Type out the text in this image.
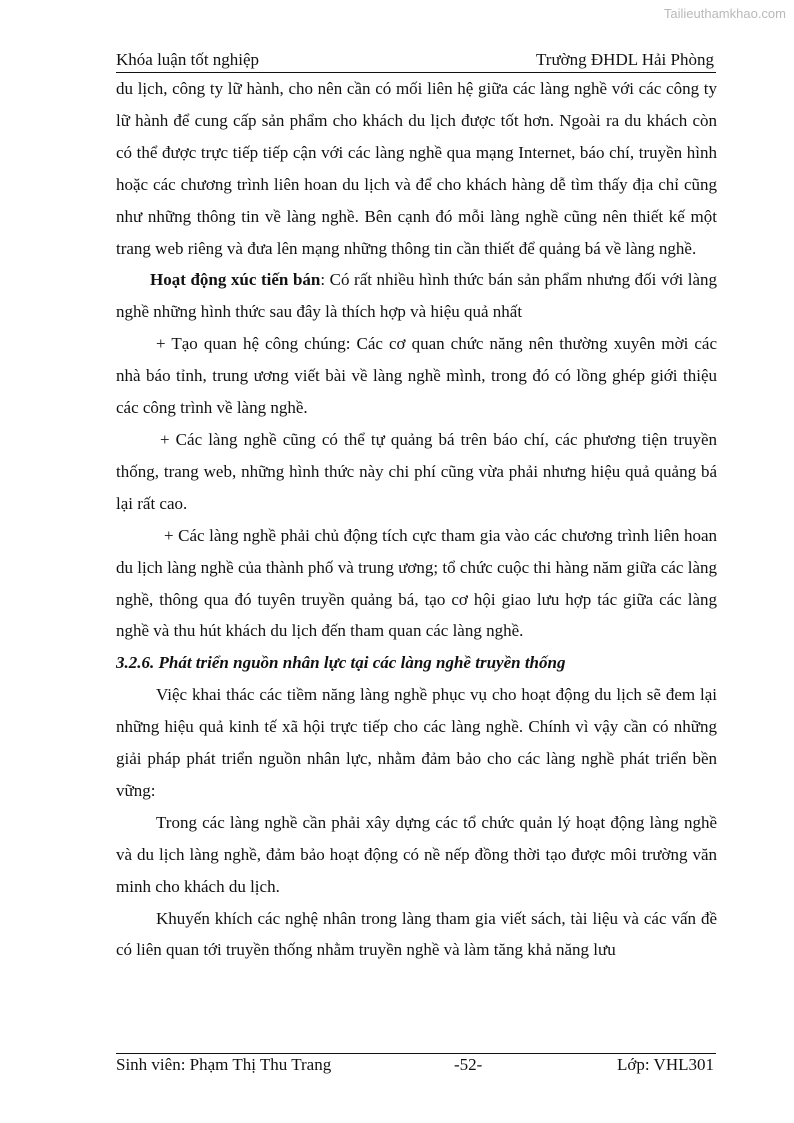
Tailieuthamkhao.com
Khóa luận tốt nghiệp	Trường ĐHDL Hải Phòng

du lịch, công ty lữ hành, cho nên cần có mối liên hệ giữa các làng nghề với các công ty lữ hành để cung cấp sản phẩm cho khách du lịch được tốt hơn. Ngoài ra du khách còn có thể được trực tiếp tiếp cận với các làng nghề qua mạng Internet, báo chí, truyền hình hoặc các chương trình liên hoan du lịch và để cho khách hàng dễ tìm thấy địa chỉ cũng như những thông tin về làng nghề. Bên cạnh đó mỗi làng nghề cũng nên thiết kế một trang web riêng và đưa lên mạng những thông tin cần thiết để quảng bá về làng nghề.

Hoạt động xúc tiến bán: Có rất nhiều hình thức bán sản phẩm nhưng đối với làng nghề những hình thức sau đây là thích hợp và hiệu quả nhất

+ Tạo quan hệ công chúng: Các cơ quan chức năng nên thường xuyên mời các nhà báo tỉnh, trung ương viết bài về làng nghề mình, trong đó có lồng ghép giới thiệu các công trình về làng nghề.

+ Các làng nghề cũng có thể tự quảng bá trên báo chí, các phương tiện truyền thống, trang web, những hình thức này chi phí cũng vừa phải nhưng hiệu quả quảng bá lại rất cao.

+ Các làng nghề phải chủ động tích cực tham gia vào các chương trình liên hoan du lịch làng nghề của thành phố và trung ương; tổ chức cuộc thi hàng năm giữa các làng nghề, thông qua đó tuyên truyền quảng bá, tạo cơ hội giao lưu hợp tác giữa các làng nghề và thu hút khách du lịch đến tham quan các làng nghề.

3.2.6. Phát triển nguồn nhân lực tại các làng nghề truyền thống

Việc khai thác các tiềm năng làng nghề phục vụ cho hoạt động du lịch sẽ đem lại những hiệu quả kinh tế xã hội trực tiếp cho các làng nghề. Chính vì vậy cần có những giải pháp phát triển nguồn nhân lực, nhằm đảm bảo cho các làng nghề phát triển bền vững:

Trong các làng nghề cần phải xây dựng các tổ chức quản lý hoạt động làng nghề và du lịch làng nghề, đảm bảo hoạt động có nề nếp đồng thời tạo được môi trường văn minh cho khách du lịch.

Khuyến khích các nghệ nhân trong làng tham gia viết sách, tài liệu và các vấn đề có liên quan tới truyền thống nhằm truyền nghề và làm tăng khả năng lưu

Sinh viên: Phạm Thị Thu Trang	-52-	Lớp: VHL301
